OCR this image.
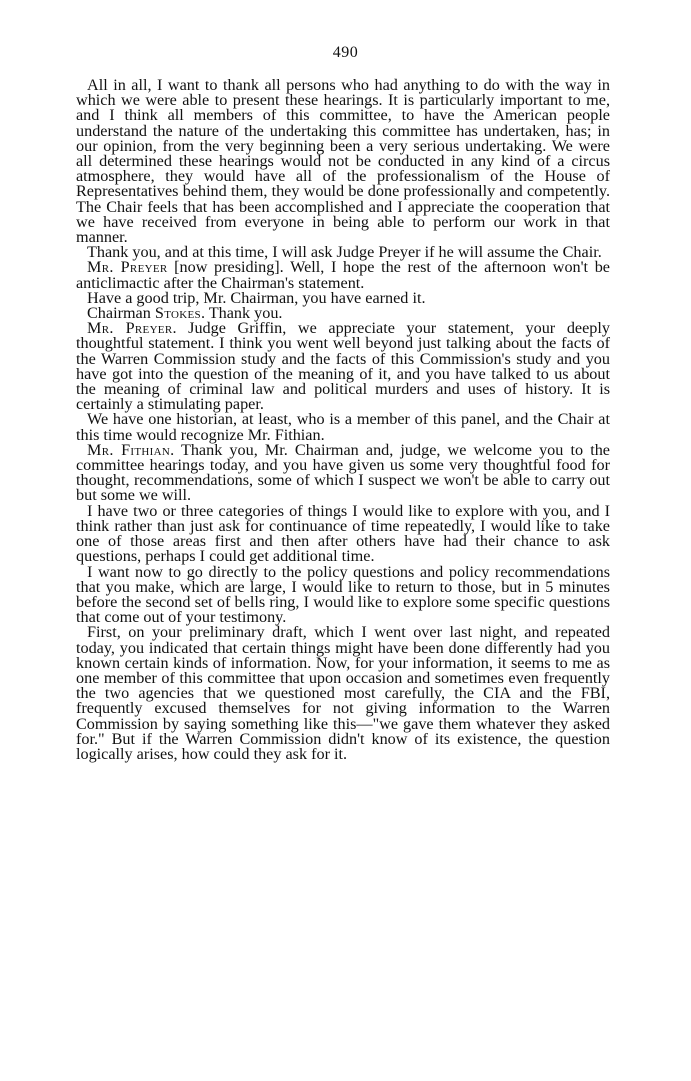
490

All in all, I want to thank all persons who had anything to do with the way in which we were able to present these hearings. It is particularly important to me, and I think all members of this committee, to have the American people understand the nature of the undertaking this committee has undertaken, has; in our opinion, from the very beginning been a very serious undertaking. We were all determined these hearings would not be conducted in any kind of a circus atmosphere, they would have all of the professionalism of the House of Representatives behind them, they would be done professionally and competently. The Chair feels that has been accomplished and I appreciate the cooperation that we have received from everyone in being able to perform our work in that manner.

Thank you, and at this time, I will ask Judge Preyer if he will assume the Chair.

Mr. Preyer [now presiding]. Well, I hope the rest of the afternoon won't be anticlimactic after the Chairman's statement.

Have a good trip, Mr. Chairman, you have earned it.

Chairman Stokes. Thank you.

Mr. Preyer. Judge Griffin, we appreciate your statement, your deeply thoughtful statement. I think you went well beyond just talking about the facts of the Warren Commission study and the facts of this Commission's study and you have got into the question of the meaning of it, and you have talked to us about the meaning of criminal law and political murders and uses of history. It is certainly a stimulating paper.

We have one historian, at least, who is a member of this panel, and the Chair at this time would recognize Mr. Fithian.

Mr. Fithian. Thank you, Mr. Chairman and, judge, we welcome you to the committee hearings today, and you have given us some very thoughtful food for thought, recommendations, some of which I suspect we won't be able to carry out but some we will.

I have two or three categories of things I would like to explore with you, and I think rather than just ask for continuance of time repeatedly, I would like to take one of those areas first and then after others have had their chance to ask questions, perhaps I could get additional time.

I want now to go directly to the policy questions and policy recommendations that you make, which are large, I would like to return to those, but in 5 minutes before the second set of bells ring, I would like to explore some specific questions that come out of your testimony.

First, on your preliminary draft, which I went over last night, and repeated today, you indicated that certain things might have been done differently had you known certain kinds of information. Now, for your information, it seems to me as one member of this committee that upon occasion and sometimes even frequently the two agencies that we questioned most carefully, the CIA and the FBI, frequently excused themselves for not giving information to the Warren Commission by saying something like this—"we gave them whatever they asked for." But if the Warren Commission didn't know of its existence, the question logically arises, how could they ask for it.
